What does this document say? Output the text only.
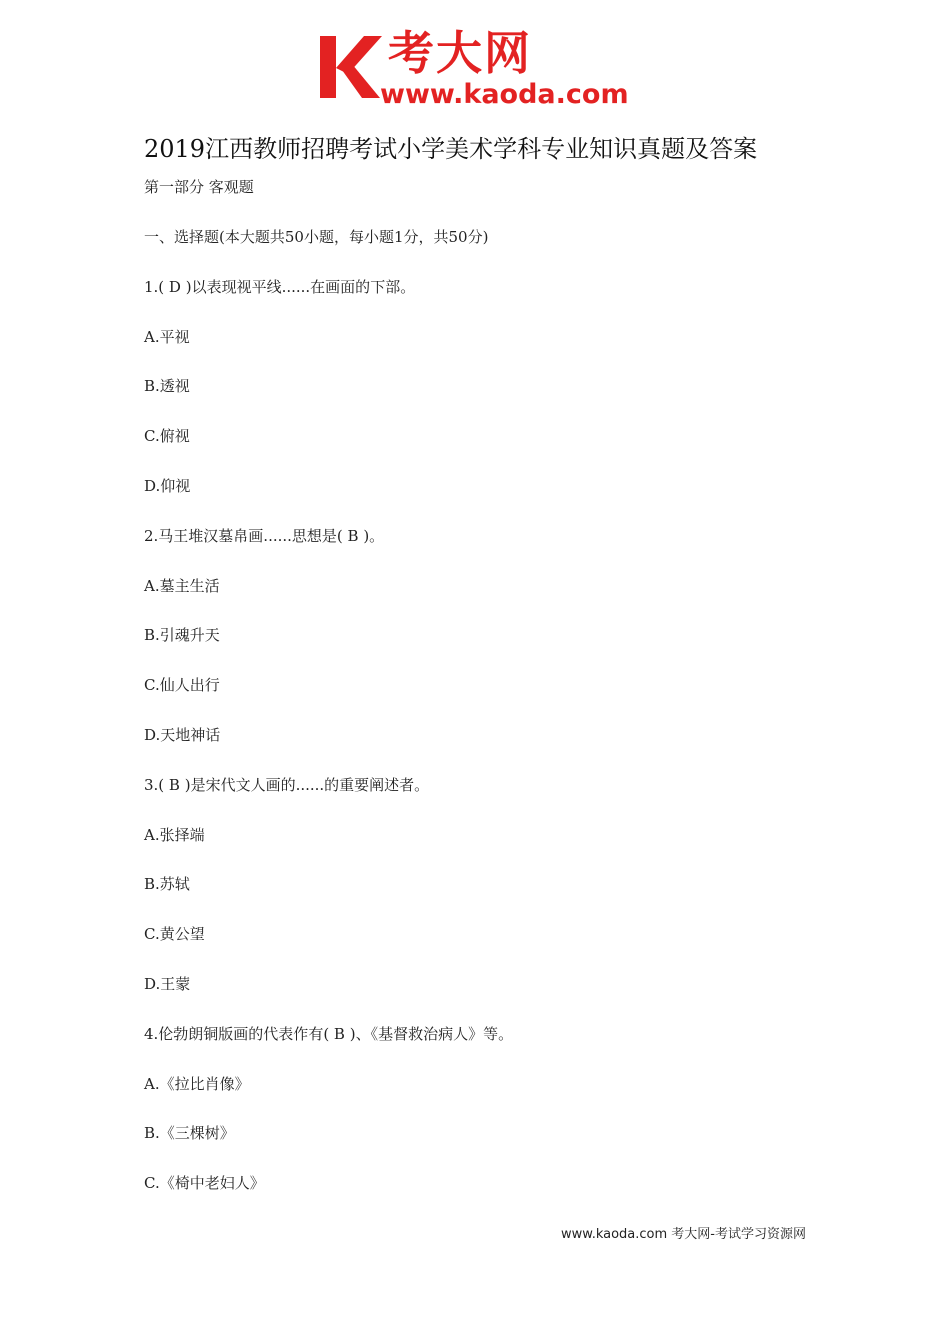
考大网
www.kaoda.com
2019江西教师招聘考试小学美术学科专业知识真题及答案
第一部分 客观题
一、选择题(本大题共50小题，每小题1分，共50分)
1.( D )以表现视平线......在画面的下部。
A.平视
B.透视
C.俯视
D.仰视
2.马王堆汉墓帛画......思想是( B )。
A.墓主生活
B.引魂升天
C.仙人出行
D.天地神话
3.( B )是宋代文人画的......的重要阐述者。
A.张择端
B.苏轼
C.黄公望
D.王蒙
4.伦勃朗铜版画的代表作有( B )、《基督救治病人》等。
A.《拉比肖像》
B.《三棵树》
C.《椅中老妇人》
www.kaoda.com 考大网-考试学习资源网
